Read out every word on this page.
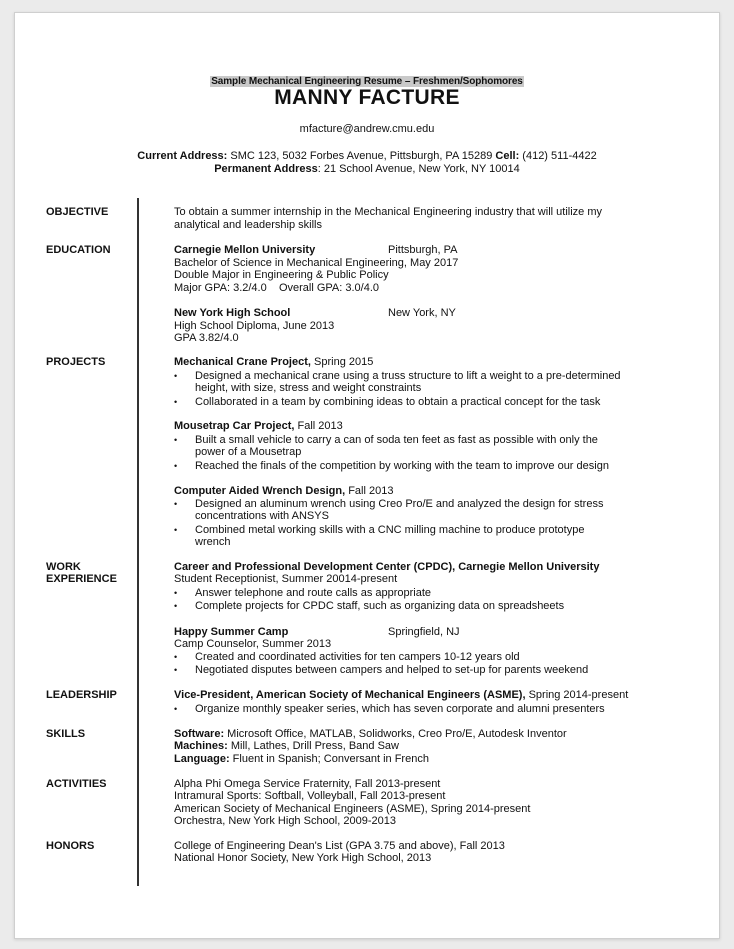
Sample Mechanical Engineering Resume – Freshmen/Sophomores
MANNY FACTURE
mfacture@andrew.cmu.edu
Current Address: SMC 123, 5032 Forbes Avenue, Pittsburgh, PA 15289 Cell: (412) 511-4422
Permanent Address: 21 School Avenue, New York, NY 10014
OBJECTIVE	To obtain a summer internship in the Mechanical Engineering industry that will utilize my
analytical and leadership skills
EDUCATION	Carnegie Mellon University	Pittsburgh, PA
Bachelor of Science in Mechanical Engineering, May 2017
Double Major in Engineering & Public Policy
Major GPA: 3.2/4.0    Overall GPA: 3.0/4.0
New York High School	New York, NY
High School Diploma, June 2013
GPA 3.82/4.0
PROJECTS	Mechanical Crane Project, Spring 2015
• Designed a mechanical crane using a truss structure to lift a weight to a pre-determined
height, with size, stress and weight constraints
• Collaborated in a team by combining ideas to obtain a practical concept for the task
Mousetrap Car Project, Fall 2013
• Built a small vehicle to carry a can of soda ten feet as fast as possible with only the
power of a Mousetrap
• Reached the finals of the competition by working with the team to improve our design
Computer Aided Wrench Design, Fall 2013
• Designed an aluminum wrench using Creo Pro/E and analyzed the design for stress
concentrations with ANSYS
• Combined metal working skills with a CNC milling machine to produce prototype
wrench
WORK
EXPERIENCE
Career and Professional Development Center (CPDC), Carnegie Mellon University
Student Receptionist, Summer 20014-present
• Answer telephone and route calls as appropriate
• Complete projects for CPDC staff, such as organizing data on spreadsheets
Happy Summer Camp	Springfield, NJ
Camp Counselor, Summer 2013
• Created and coordinated activities for ten campers 10-12 years old
• Negotiated disputes between campers and helped to set-up for parents weekend
LEADERSHIP	Vice-President, American Society of Mechanical Engineers (ASME), Spring 2014-present
• Organize monthly speaker series, which has seven corporate and alumni presenters
SKILLS	Software: Microsoft Office, MATLAB, Solidworks, Creo Pro/E, Autodesk Inventor
Machines: Mill, Lathes, Drill Press, Band Saw
Language: Fluent in Spanish; Conversant in French
ACTIVITIES	Alpha Phi Omega Service Fraternity, Fall 2013-present
Intramural Sports: Softball, Volleyball, Fall 2013-present
American Society of Mechanical Engineers (ASME), Spring 2014-present
Orchestra, New York High School, 2009-2013
HONORS	College of Engineering Dean's List (GPA 3.75 and above), Fall 2013
National Honor Society, New York High School, 2013
